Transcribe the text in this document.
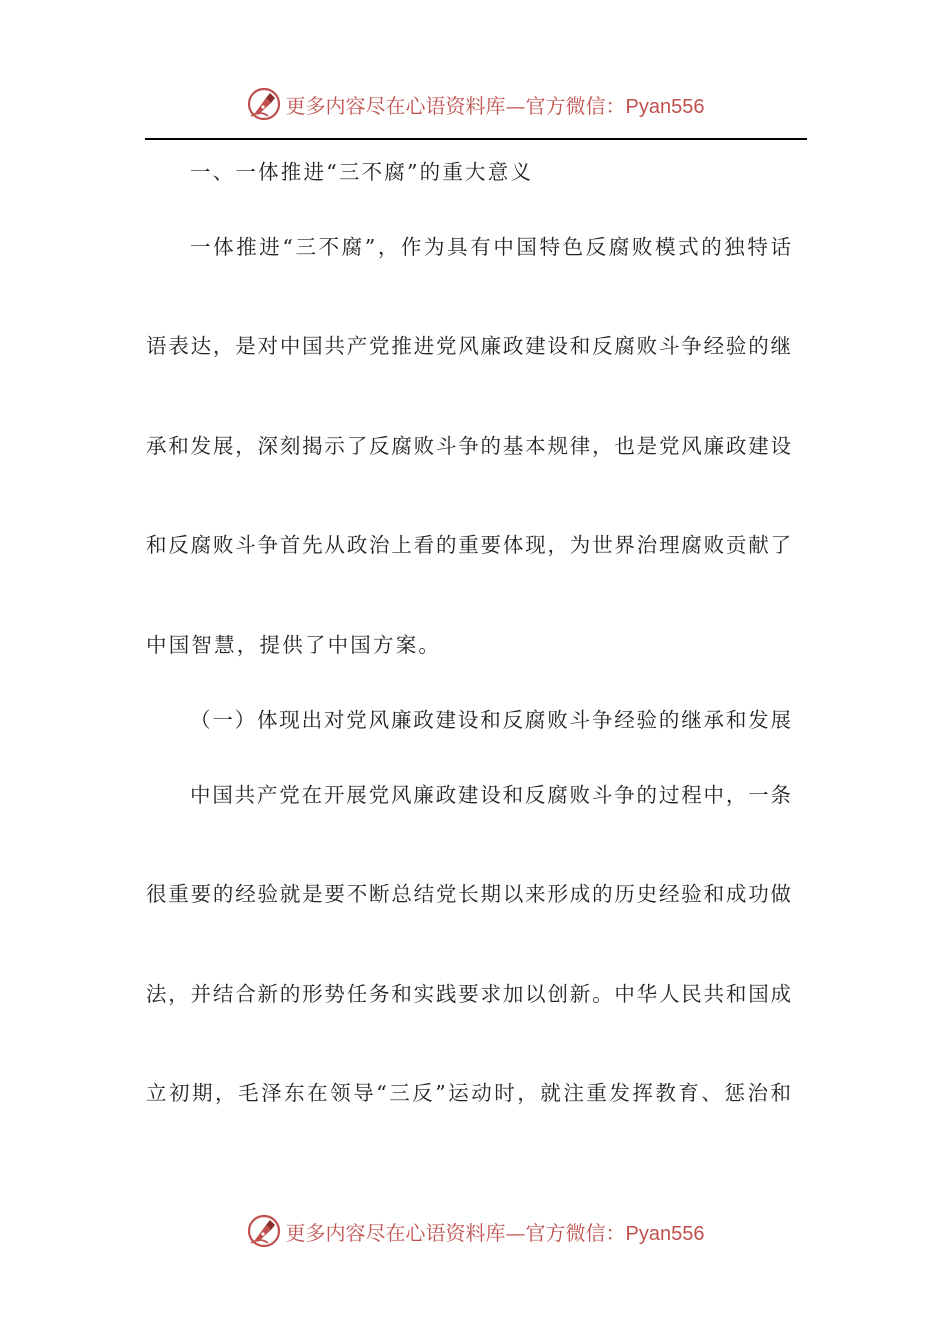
更多内容尽在心语资料库—官方微信：Pyan556
一、一体推进“三不腐”的重大意义
一体推进“三不腐”，作为具有中国特色反腐败模式的独特话
语表达，是对中国共产党推进党风廉政建设和反腐败斗争经验的继
承和发展，深刻揭示了反腐败斗争的基本规律，也是党风廉政建设
和反腐败斗争首先从政治上看的重要体现，为世界治理腐败贡献了
中国智慧，提供了中国方案。
（一）体现出对党风廉政建设和反腐败斗争经验的继承和发展
中国共产党在开展党风廉政建设和反腐败斗争的过程中，一条
很重要的经验就是要不断总结党长期以来形成的历史经验和成功做
法，并结合新的形势任务和实践要求加以创新。中华人民共和国成
立初期，毛泽东在领导“三反”运动时，就注重发挥教育、惩治和
更多内容尽在心语资料库—官方微信：Pyan556
